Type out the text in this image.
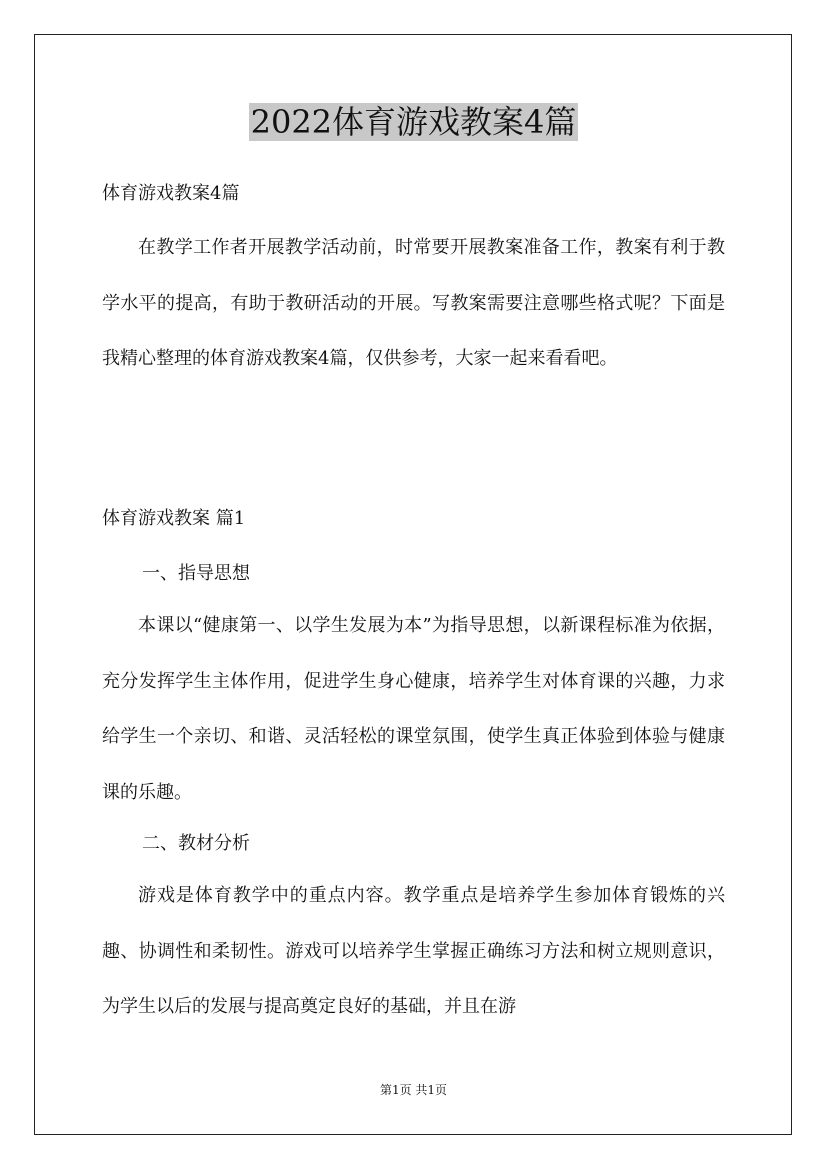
2022体育游戏教案4篇
体育游戏教案4篇
在教学工作者开展教学活动前，时常要开展教案准备工作，教案有利于教学水平的提高，有助于教研活动的开展。写教案需要注意哪些格式呢？下面是我精心整理的体育游戏教案4篇，仅供参考，大家一起来看看吧。
体育游戏教案 篇1
一、指导思想
本课以“健康第一、以学生发展为本”为指导思想，以新课程标准为依据，充分发挥学生主体作用，促进学生身心健康，培养学生对体育课的兴趣，力求给学生一个亲切、和谐、灵活轻松的课堂氛围，使学生真正体验到体验与健康课的乐趣。
二、教材分析
游戏是体育教学中的重点内容。教学重点是培养学生参加体育锻炼的兴趣、协调性和柔韧性。游戏可以培养学生掌握正确练习方法和树立规则意识，为学生以后的发展与提高奠定良好的基础，并且在游
第1页 共1页
